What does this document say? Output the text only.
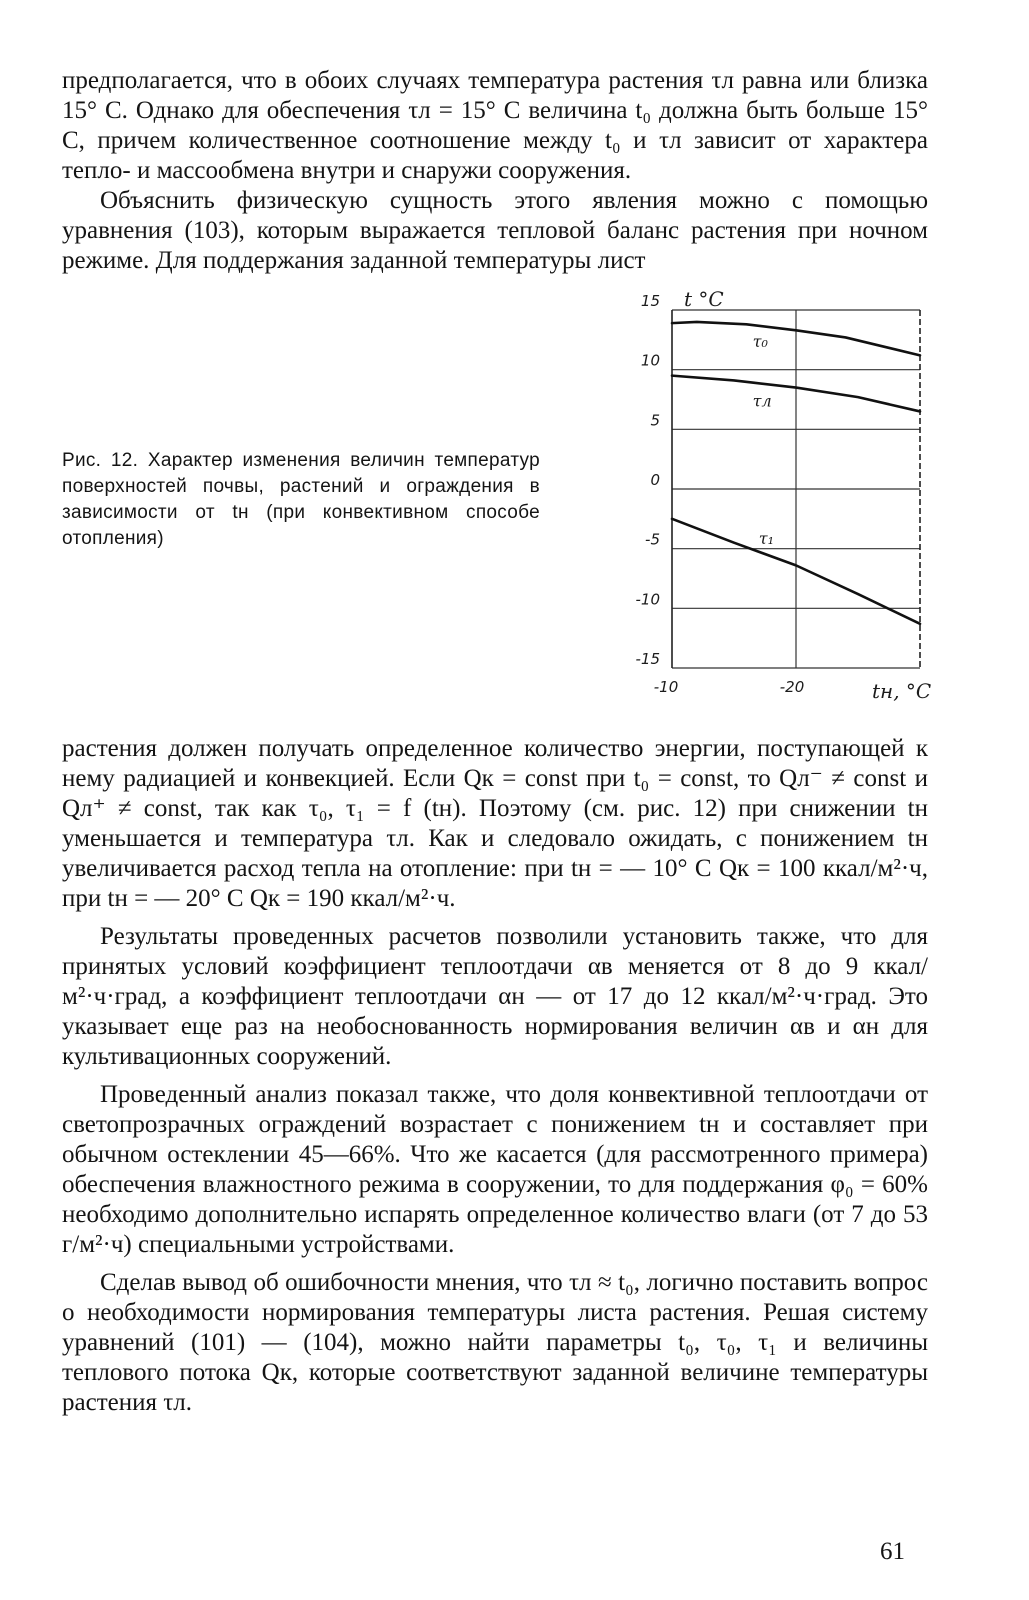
предполагается, что в обоих случаях температура растения τл равна или близка 15° С. Однако для обеспечения τл = 15° С величина t₀ должна быть больше 15° С, причем количественное соотношение между t₀ и τл зависит от характера тепло- и массообмена внутри и снаружи сооружения.

Объяснить физическую сущность этого явления можно с помощью уравнения (103), которым выражается тепловой баланс растения при ночном режиме. Для поддержания заданной температуры лист

Рис. 12. Характер изменения величин температур поверхностей почвы, растений и ограждения в зависимости от tн (при конвективном способе отопления)
15
10
5
0
-5
-10
-15
-10	-20
t °C
tн, °C
τ₀
τл
τ₁

растения должен получать определенное количество энергии, поступающей к нему радиацией и конвекцией. Если Qк = const при t₀ = const, то Qл⁻ ≠ const и Qл⁺ ≠ const, так как τ₀, τ₁ = f (tн). Поэтому (см. рис. 12) при снижении tн уменьшается и температура τл. Как и следовало ожидать, с понижением tн увеличивается расход тепла на отопление: при tн = — 10° С Qк = 100 ккал/м²·ч, при tн = — 20° С Qк = 190 ккал/м²·ч.

Результаты проведенных расчетов позволили установить также, что для принятых условий коэффициент теплоотдачи αв меняется от 8 до 9 ккал/м²·ч·град, а коэффициент теплоотдачи αн — от 17 до 12 ккал/м²·ч·град. Это указывает еще раз на необоснованность нормирования величин αв и αн для культивационных сооружений.

Проведенный анализ показал также, что доля конвективной теплоотдачи от светопрозрачных ограждений возрастает с понижением tн и составляет при обычном остеклении 45—66%. Что же касается (для рассмотренного примера) обеспечения влажностного режима в сооружении, то для поддержания φ₀ = 60% необходимо дополнительно испарять определенное количество влаги (от 7 до 53 г/м²·ч) специальными устройствами.

Сделав вывод об ошибочности мнения, что τл ≈ t₀, логично поставить вопрос о необходимости нормирования температуры листа растения. Решая систему уравнений (101) — (104), можно найти параметры t₀, τ₀, τ₁ и величины теплового потока Qк, которые соответствуют заданной величине температуры растения τл.

61
